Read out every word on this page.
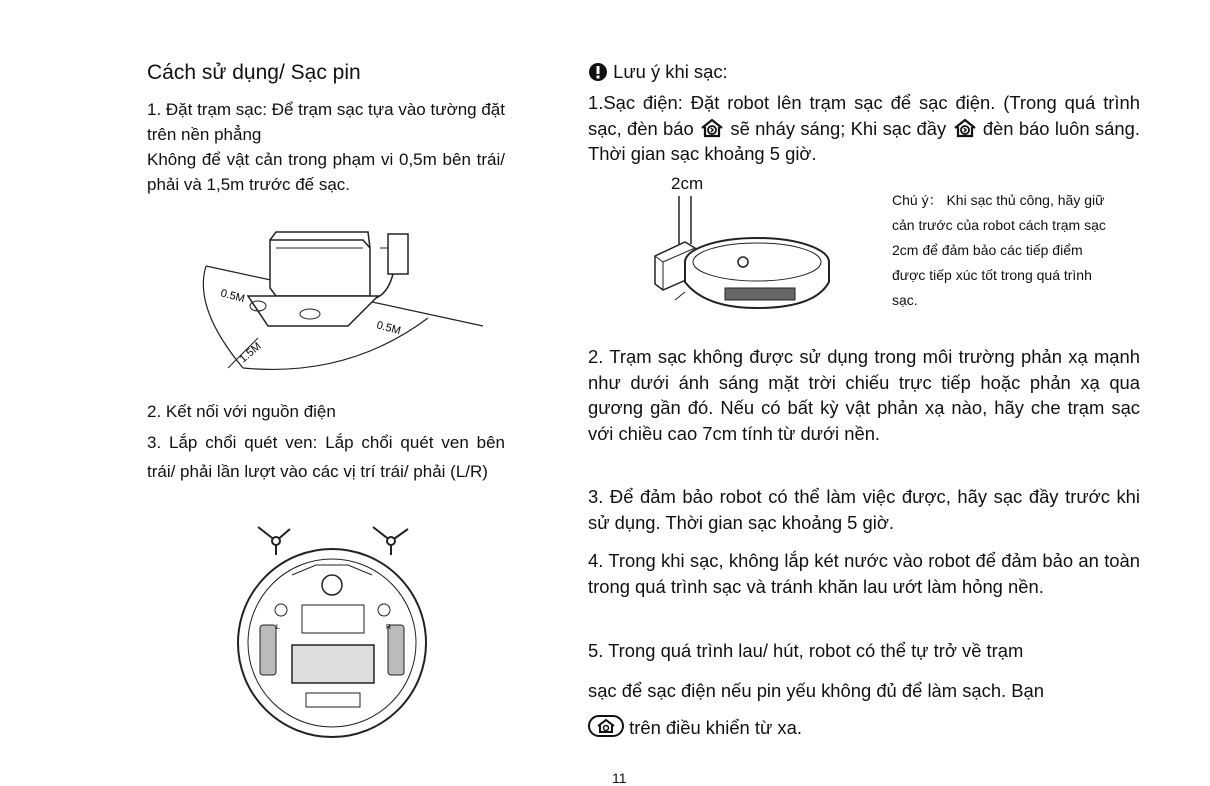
Cách sử dụng/ Sạc pin
1. Đặt trạm sạc: Để trạm sạc tựa vào tường đặt trên nền phẳng
Không để vật cản trong phạm vi 0,5m bên trái/ phải và 1,5m trước đế sạc.
0.5M
0.5M
1.5M
2. Kết nối với nguồn điện
3. Lắp chổi quét ven: Lắp chổi quét ven bên trái/ phải lần lượt vào các vị trí trái/ phải (L/R)
L	R
Lưu ý khi sạc:
1.Sạc điện: Đặt robot lên trạm sạc để sạc điện. (Trong quá trình sạc, đèn báo sẽ nháy sáng; Khi sạc đầy đèn báo luôn sáng. Thời gian sạc khoảng 5 giờ.
2cm
Chú ý： Khi sạc thủ công, hãy giữ cản trước của robot cách trạm sạc 2cm để đảm bảo các tiếp điểm được tiếp xúc tốt trong quá trình sạc.
2. Trạm sạc không được sử dụng trong môi trường phản xạ mạnh như dưới ánh sáng mặt trời chiếu trực tiếp hoặc phản xạ qua gương gần đó. Nếu có bất kỳ vật phản xạ nào, hãy che trạm sạc với chiều cao 7cm tính từ dưới nền.
3. Để đảm bảo robot có thể làm việc được, hãy sạc đầy trước khi sử dụng. Thời gian sạc khoảng 5 giờ.
4. Trong khi sạc, không lắp két nước vào robot để đảm bảo an toàn trong quá trình sạc và tránh khăn lau ướt làm hỏng nền.
5. Trong quá trình lau/ hút, robot có thể tự trở về trạm
sạc để sạc điện nếu pin yếu không đủ để làm sạch. Bạn
trên điều khiển từ xa.
11
